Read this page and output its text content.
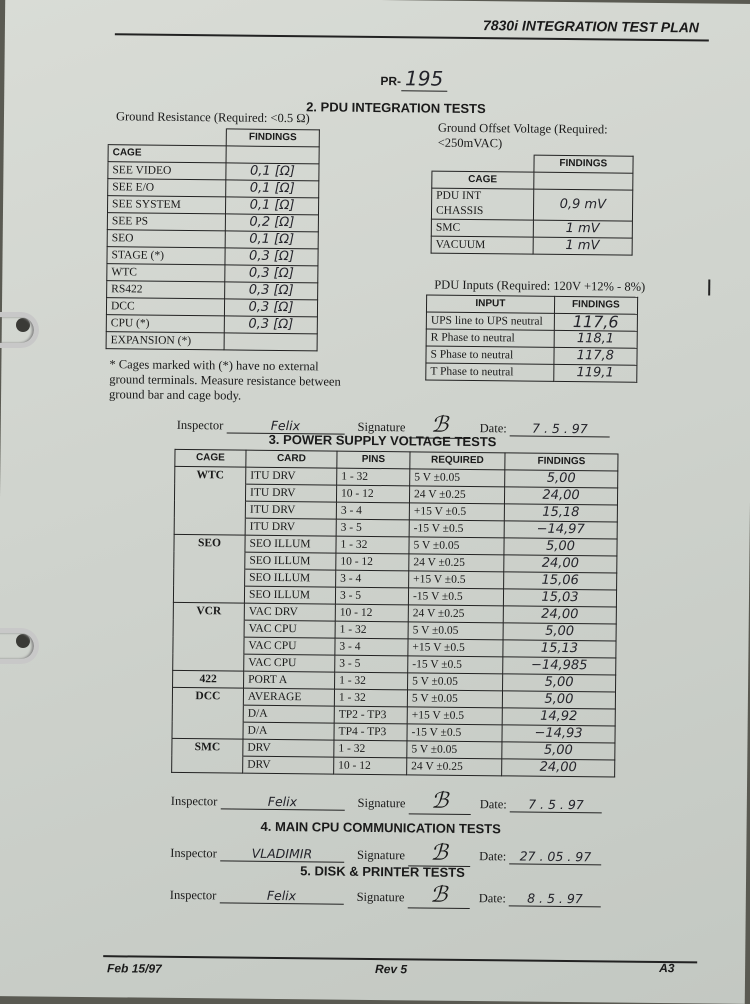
7830i INTEGRATION TEST PLAN
PR- 195
2. PDU INTEGRATION TESTS
Ground Resistance (Required: <0.5 Ω)
	FINDINGS
CAGE	
SEE VIDEO	0,1 [Ω]
SEE E/O	0,1 [Ω]
SEE SYSTEM	0,1 [Ω]
SEE PS	0,2 [Ω]
SEO	0,1 [Ω]
STAGE (*)	0,3 [Ω]
WTC	0,3 [Ω]
RS422	0,3 [Ω]
DCC	0,3 [Ω]
CPU (*)	0,3 [Ω]
EXPANSION (*)	
* Cages marked with (*) have no external
ground terminals. Measure resistance between
ground bar and cage body.
Ground Offset Voltage (Required:
<250mVAC)
	FINDINGS
CAGE	
PDU INT CHASSIS	0,9 mV
SMC	1 mV
VACUUM	1 mV
PDU Inputs (Required: 120V +12% - 8%)
INPUT	FINDINGS
UPS line to UPS neutral	117,6
R Phase to neutral	118,1
S Phase to neutral	117,8
T Phase to neutral	119,1
Inspector	Felix	Signature ℬ	Date: 7 . 5 . 97
3. POWER SUPPLY VOLTAGE TESTS
CAGE	CARD	PINS	REQUIRED	FINDINGS
WTC	ITU DRV	1 - 32	5 V ±0.05	5,00
	ITU DRV	10 - 12	24 V ±0.25	24,00
	ITU DRV	3 - 4	+15 V ±0.5	15,18
	ITU DRV	3 - 5	-15 V ±0.5	−14,97
SEO	SEO ILLUM	1 - 32	5 V ±0.05	5,00
	SEO ILLUM	10 - 12	24 V ±0.25	24,00
	SEO ILLUM	3 - 4	+15 V ±0.5	15,06
	SEO ILLUM	3 - 5	-15 V ±0.5	15,03
VCR	VAC DRV	10 - 12	24 V ±0.25	24,00
	VAC CPU	1 - 32	5 V ±0.05	5,00
	VAC CPU	3 - 4	+15 V ±0.5	15,13
	VAC CPU	3 - 5	-15 V ±0.5	−14,985
422	PORT A	1 - 32	5 V ±0.05	5,00
DCC	AVERAGE	1 - 32	5 V ±0.05	5,00
	D/A	TP2 - TP3	+15 V ±0.5	14,92
	D/A	TP4 - TP3	-15 V ±0.5	−14,93
SMC	DRV	1 - 32	5 V ±0.05	5,00
	DRV	10 - 12	24 V ±0.25	24,00
Inspector	Felix	Signature ℬ	Date: 7 . 5 . 97
4. MAIN CPU COMMUNICATION TESTS
Inspector	VLADIMIR	Signature ℬ	Date: 27 . 05 . 97
5. DISK & PRINTER TESTS
Inspector	Felix	Signature ℬ	Date: 8 . 5 . 97
Feb 15/97	Rev 5	A3
